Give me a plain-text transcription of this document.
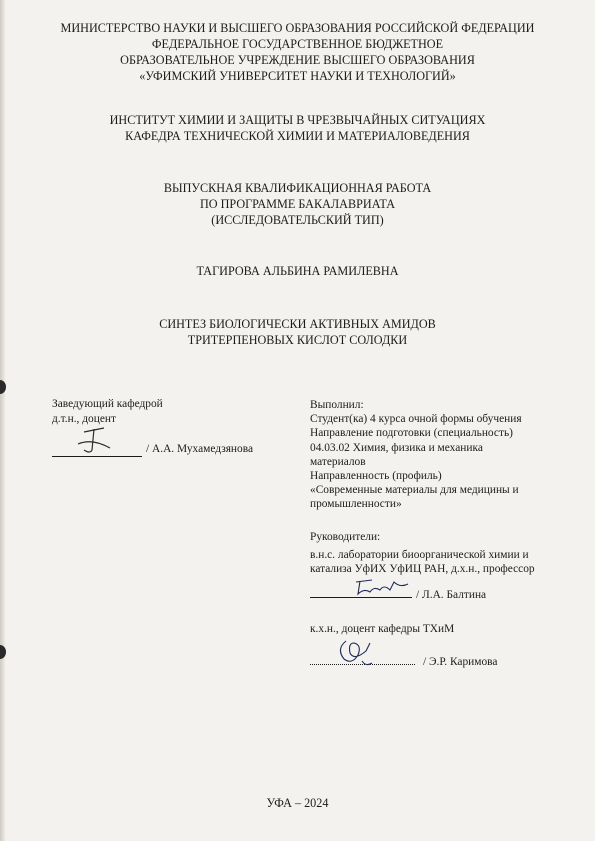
МИНИСТЕРСТВО НАУКИ И ВЫСШЕГО ОБРАЗОВАНИЯ РОССИЙСКОЙ ФЕДЕРАЦИИ
ФЕДЕРАЛЬНОЕ ГОСУДАРСТВЕННОЕ БЮДЖЕТНОЕ
ОБРАЗОВАТЕЛЬНОЕ УЧРЕЖДЕНИЕ ВЫСШЕГО ОБРАЗОВАНИЯ
«УФИМСКИЙ УНИВЕРСИТЕТ НАУКИ И ТЕХНОЛОГИЙ»
ИНСТИТУТ ХИМИИ И ЗАЩИТЫ В ЧРЕЗВЫЧАЙНЫХ СИТУАЦИЯХ
КАФЕДРА ТЕХНИЧЕСКОЙ ХИМИИ И МАТЕРИАЛОВЕДЕНИЯ
ВЫПУСКНАЯ КВАЛИФИКАЦИОННАЯ РАБОТА
ПО ПРОГРАММЕ БАКАЛАВРИАТА
(ИССЛЕДОВАТЕЛЬСКИЙ ТИП)
ТАГИРОВА АЛЬБИНА РАМИЛЕВНА
СИНТЕЗ БИОЛОГИЧЕСКИ АКТИВНЫХ АМИДОВ
ТРИТЕРПЕНОВЫХ КИСЛОТ СОЛОДКИ
Заведующий кафедрой
д.т.н., доцент
/ А.А. Мухамедзянова
Выполнил:
Студент(ка) 4 курса очной формы обучения
Направление подготовки (специальность)
04.03.02 Химия, физика и механика
материалов
Направленность (профиль)
«Современные материалы для медицины и
промышленности»
Руководители:
в.н.с. лаборатории биоорганической химии и
катализа УфИХ УфИЦ РАН, д.х.н., профессор
/ Л.А. Балтина
к.х.н., доцент кафедры ТХиМ
/ Э.Р. Каримова
УФА – 2024
